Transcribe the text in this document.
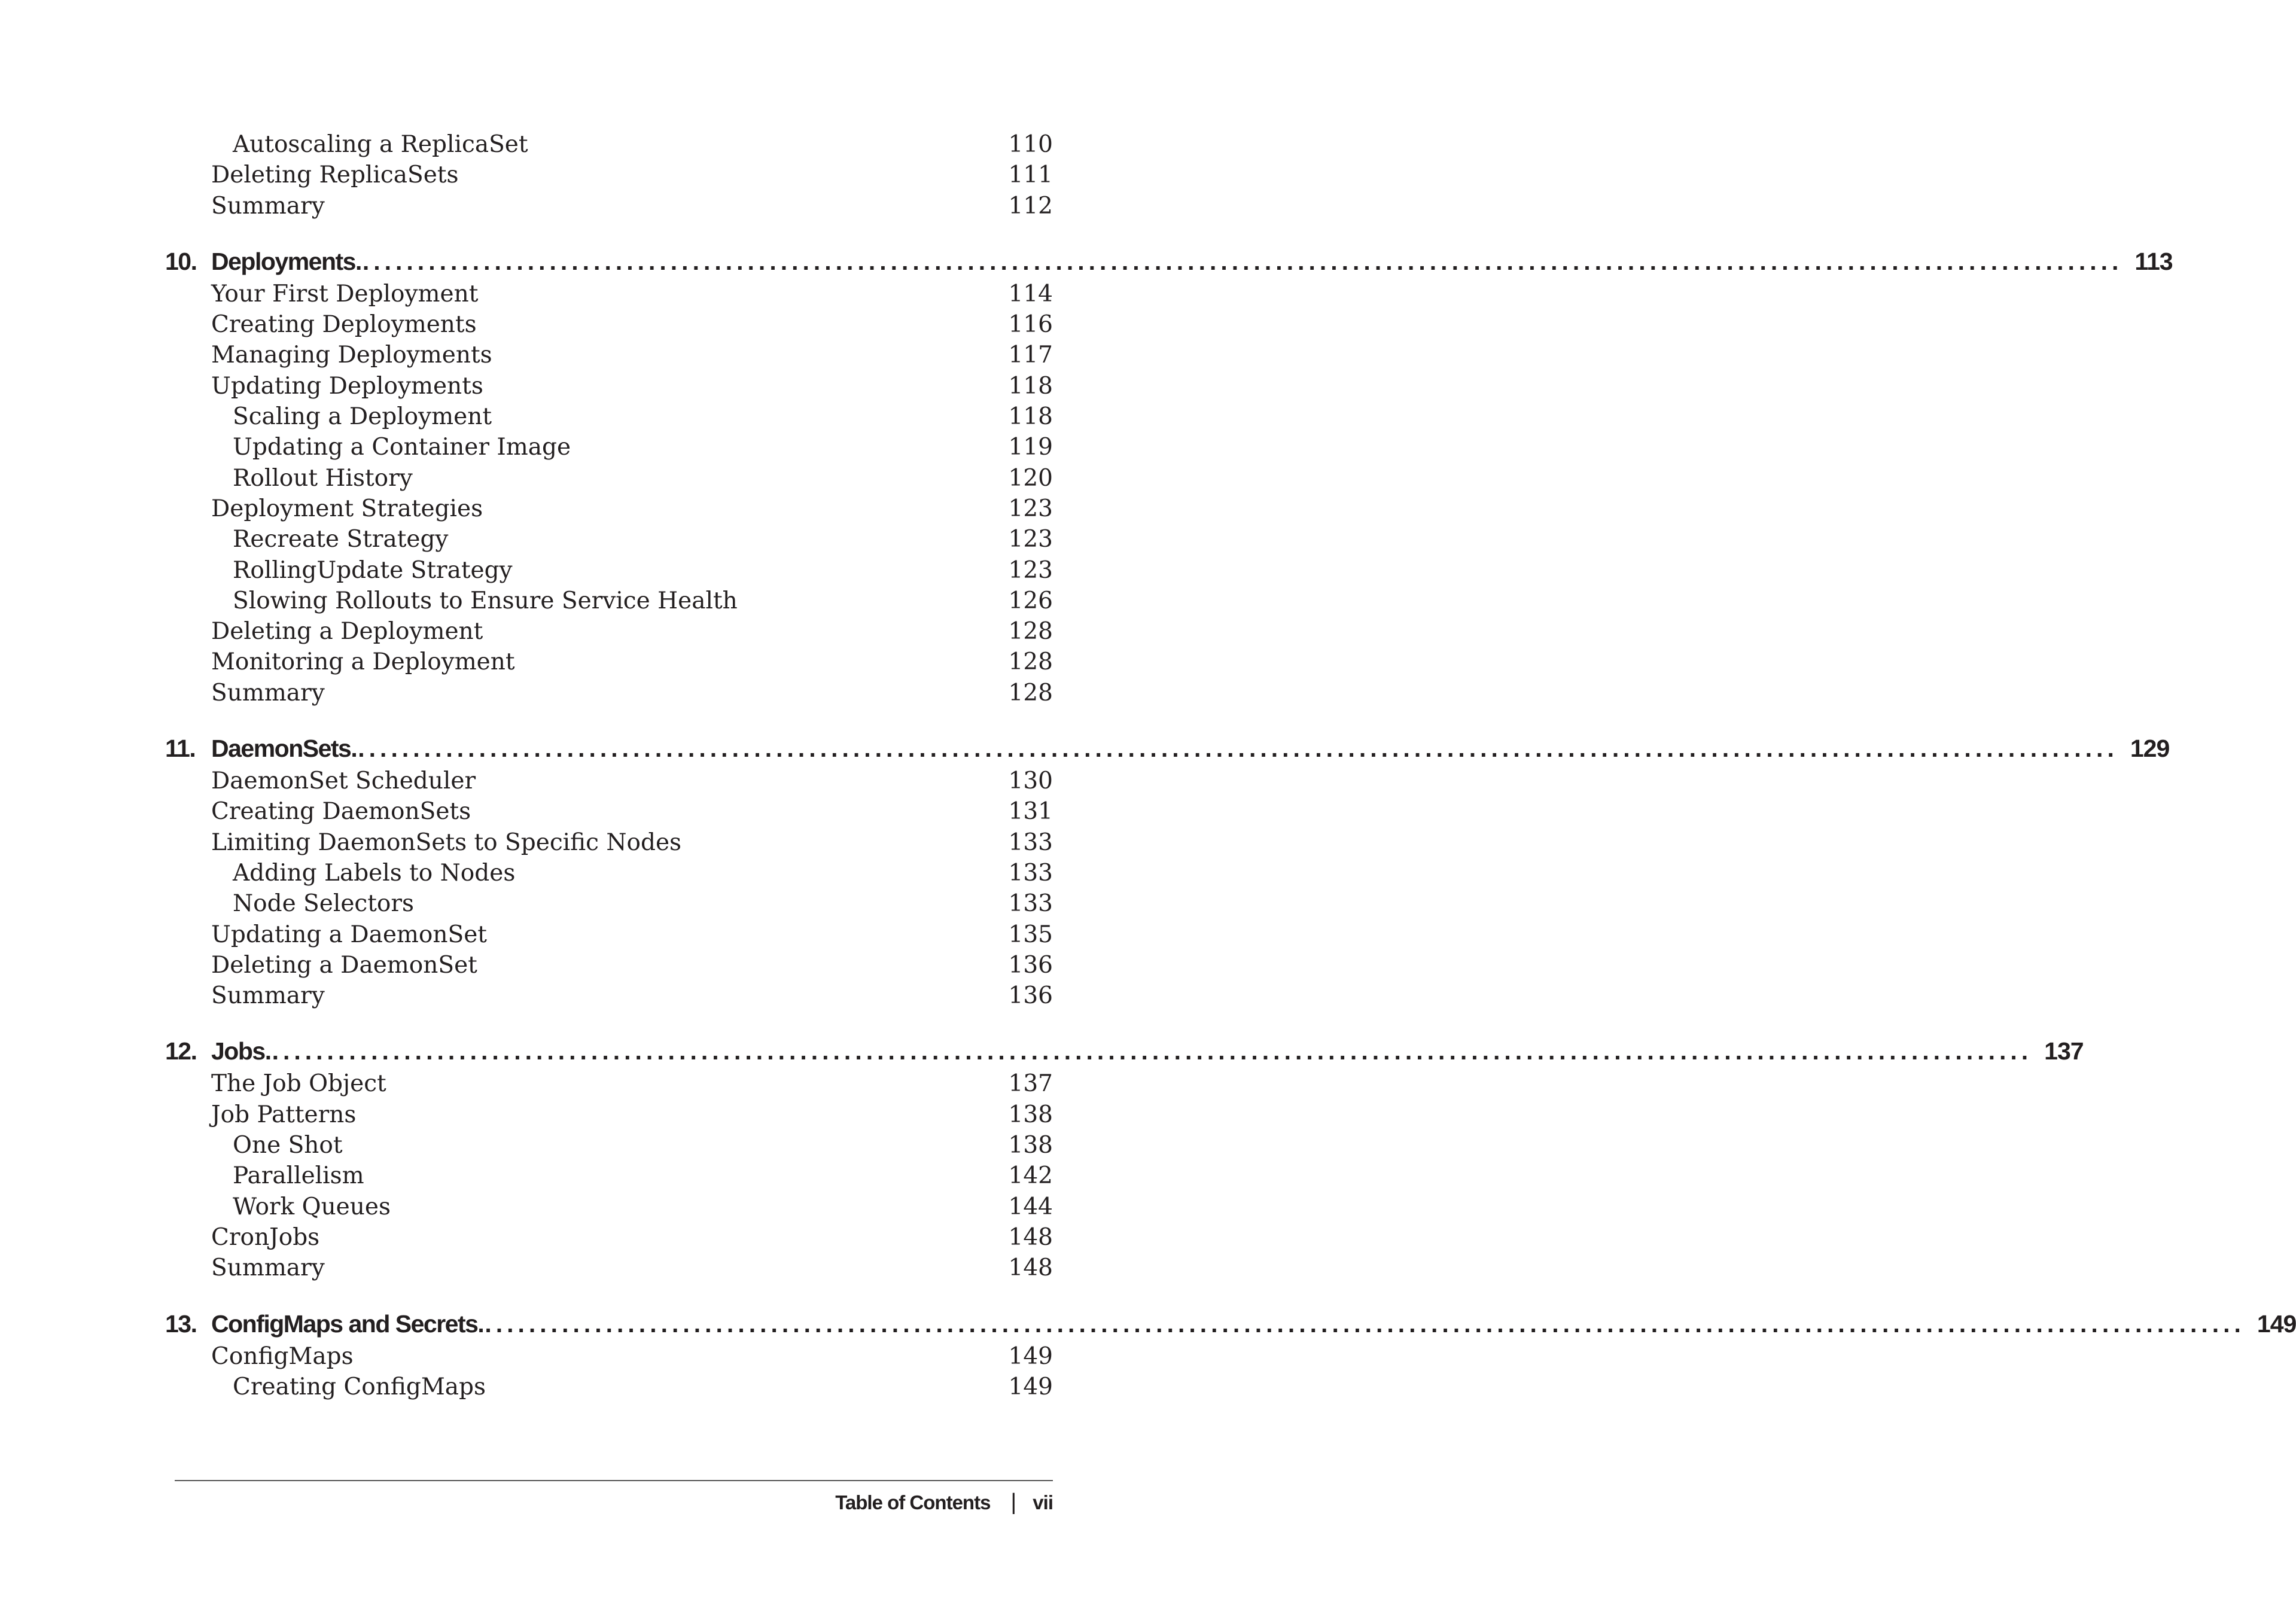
Autoscaling a ReplicaSet	110
Deleting ReplicaSets	111
Summary	112
10. Deployments. ................................................................................................................................................................ 113
Your First Deployment	114
Creating Deployments	116
Managing Deployments	117
Updating Deployments	118
Scaling a Deployment	118
Updating a Container Image	119
Rollout History	120
Deployment Strategies	123
Recreate Strategy	123
RollingUpdate Strategy	123
Slowing Rollouts to Ensure Service Health	126
Deleting a Deployment	128
Monitoring a Deployment	128
Summary	128
11. DaemonSets. ................................................................................................................................................................ 129
DaemonSet Scheduler	130
Creating DaemonSets	131
Limiting DaemonSets to Specific Nodes	133
Adding Labels to Nodes	133
Node Selectors	133
Updating a DaemonSet	135
Deleting a DaemonSet	136
Summary	136
12. Jobs. ................................................................................................................................................................ 137
The Job Object	137
Job Patterns	138
One Shot	138
Parallelism	142
Work Queues	144
CronJobs	148
Summary	148
13. ConfigMaps and Secrets. ................................................................................................................................................................ 149
ConfigMaps	149
Creating ConfigMaps	149
Table of Contents | vii
